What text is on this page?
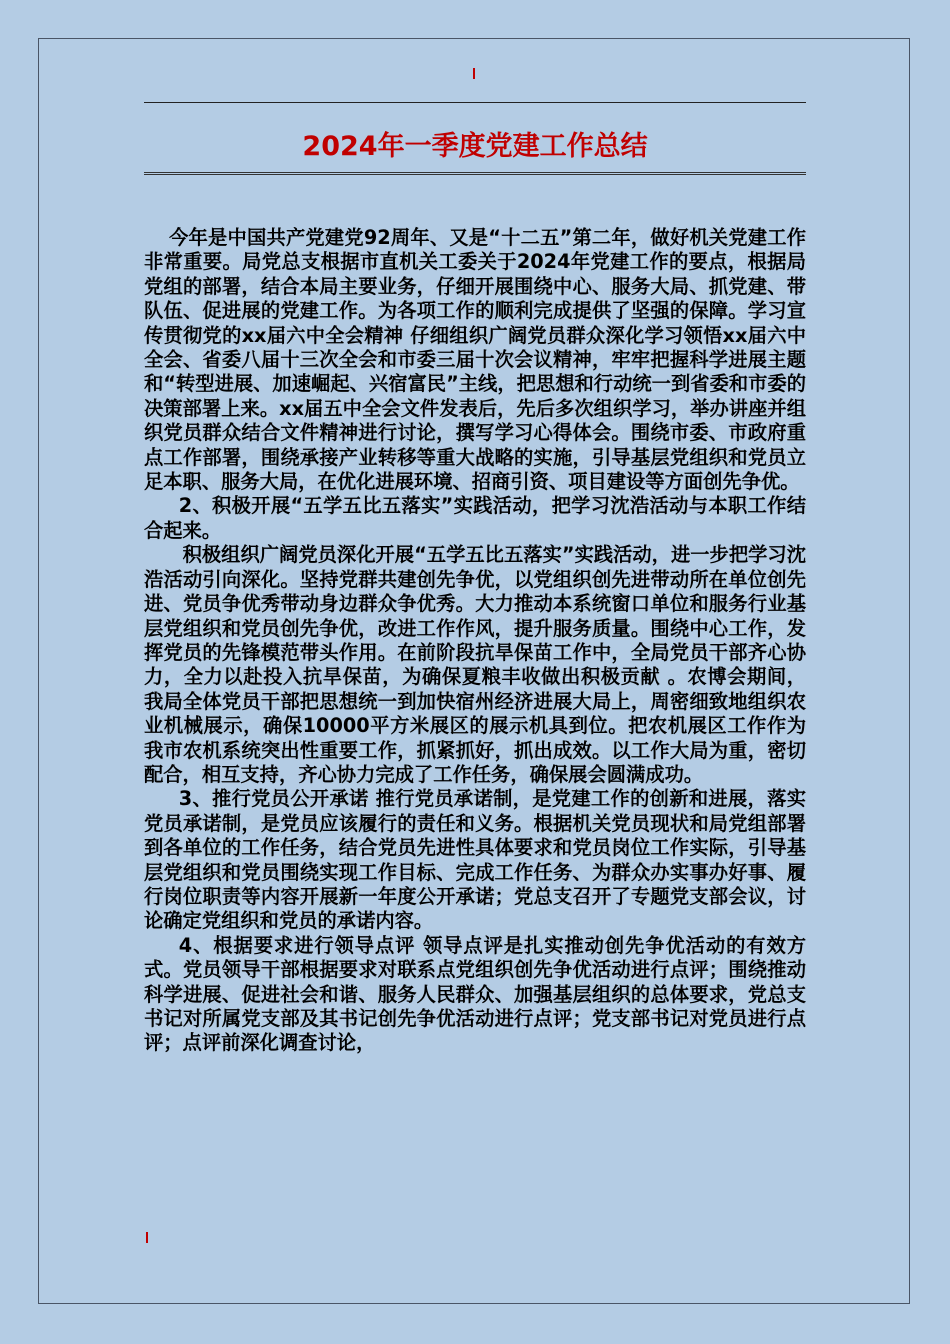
2024年一季度党建工作总结

今年是中国共产党建党92周年、又是“十二五”第二年，做好机关党建工作非常重要。局党总支根据市直机关工委关于2024年党建工作的要点，根据局党组的部署，结合本局主要业务，仔细开展围绕中心、服务大局、抓党建、带队伍、促进展的党建工作。为各项工作的顺利完成提供了坚强的保障。学习宣传贯彻党的xx届六中全会精神 仔细组织广阔党员群众深化学习领悟xx届六中全会、省委八届十三次全会和市委三届十次会议精神，牢牢把握科学进展主题和“转型进展、加速崛起、兴宿富民”主线，把思想和行动统一到省委和市委的决策部署上来。xx届五中全会文件发表后，先后多次组织学习，举办讲座并组织党员群众结合文件精神进行讨论，撰写学习心得体会。围绕市委、市政府重点工作部署，围绕承接产业转移等重大战略的实施，引导基层党组织和党员立足本职、服务大局，在优化进展环境、招商引资、项目建设等方面创先争优。

2、积极开展“五学五比五落实”实践活动，把学习沈浩活动与本职工作结合起来。

积极组织广阔党员深化开展“五学五比五落实”实践活动，进一步把学习沈浩活动引向深化。坚持党群共建创先争优，以党组织创先进带动所在单位创先进、党员争优秀带动身边群众争优秀。大力推动本系统窗口单位和服务行业基层党组织和党员创先争优，改进工作作风，提升服务质量。围绕中心工作，发挥党员的先锋模范带头作用。在前阶段抗旱保苗工作中，全局党员干部齐心协力，全力以赴投入抗旱保苗，为确保夏粮丰收做出积极贡献 。农博会期间，我局全体党员干部把思想统一到加快宿州经济进展大局上，周密细致地组织农业机械展示，确保10000平方米展区的展示机具到位。把农机展区工作作为我市农机系统突出性重要工作，抓紧抓好，抓出成效。以工作大局为重，密切配合，相互支持，齐心协力完成了工作任务，确保展会圆满成功。

3、推行党员公开承诺 推行党员承诺制，是党建工作的创新和进展，落实党员承诺制，是党员应该履行的责任和义务。根据机关党员现状和局党组部署到各单位的工作任务，结合党员先进性具体要求和党员岗位工作实际，引导基层党组织和党员围绕实现工作目标、完成工作任务、为群众办实事办好事、履行岗位职责等内容开展新一年度公开承诺；党总支召开了专题党支部会议，讨论确定党组织和党员的承诺内容。

4、根据要求进行领导点评 领导点评是扎实推动创先争优活动的有效方式。党员领导干部根据要求对联系点党组织创先争优活动进行点评；围绕推动科学进展、促进社会和谐、服务人民群众、加强基层组织的总体要求，党总支书记对所属党支部及其书记创先争优活动进行点评；党支部书记对党员进行点评；点评前深化调查讨论，
